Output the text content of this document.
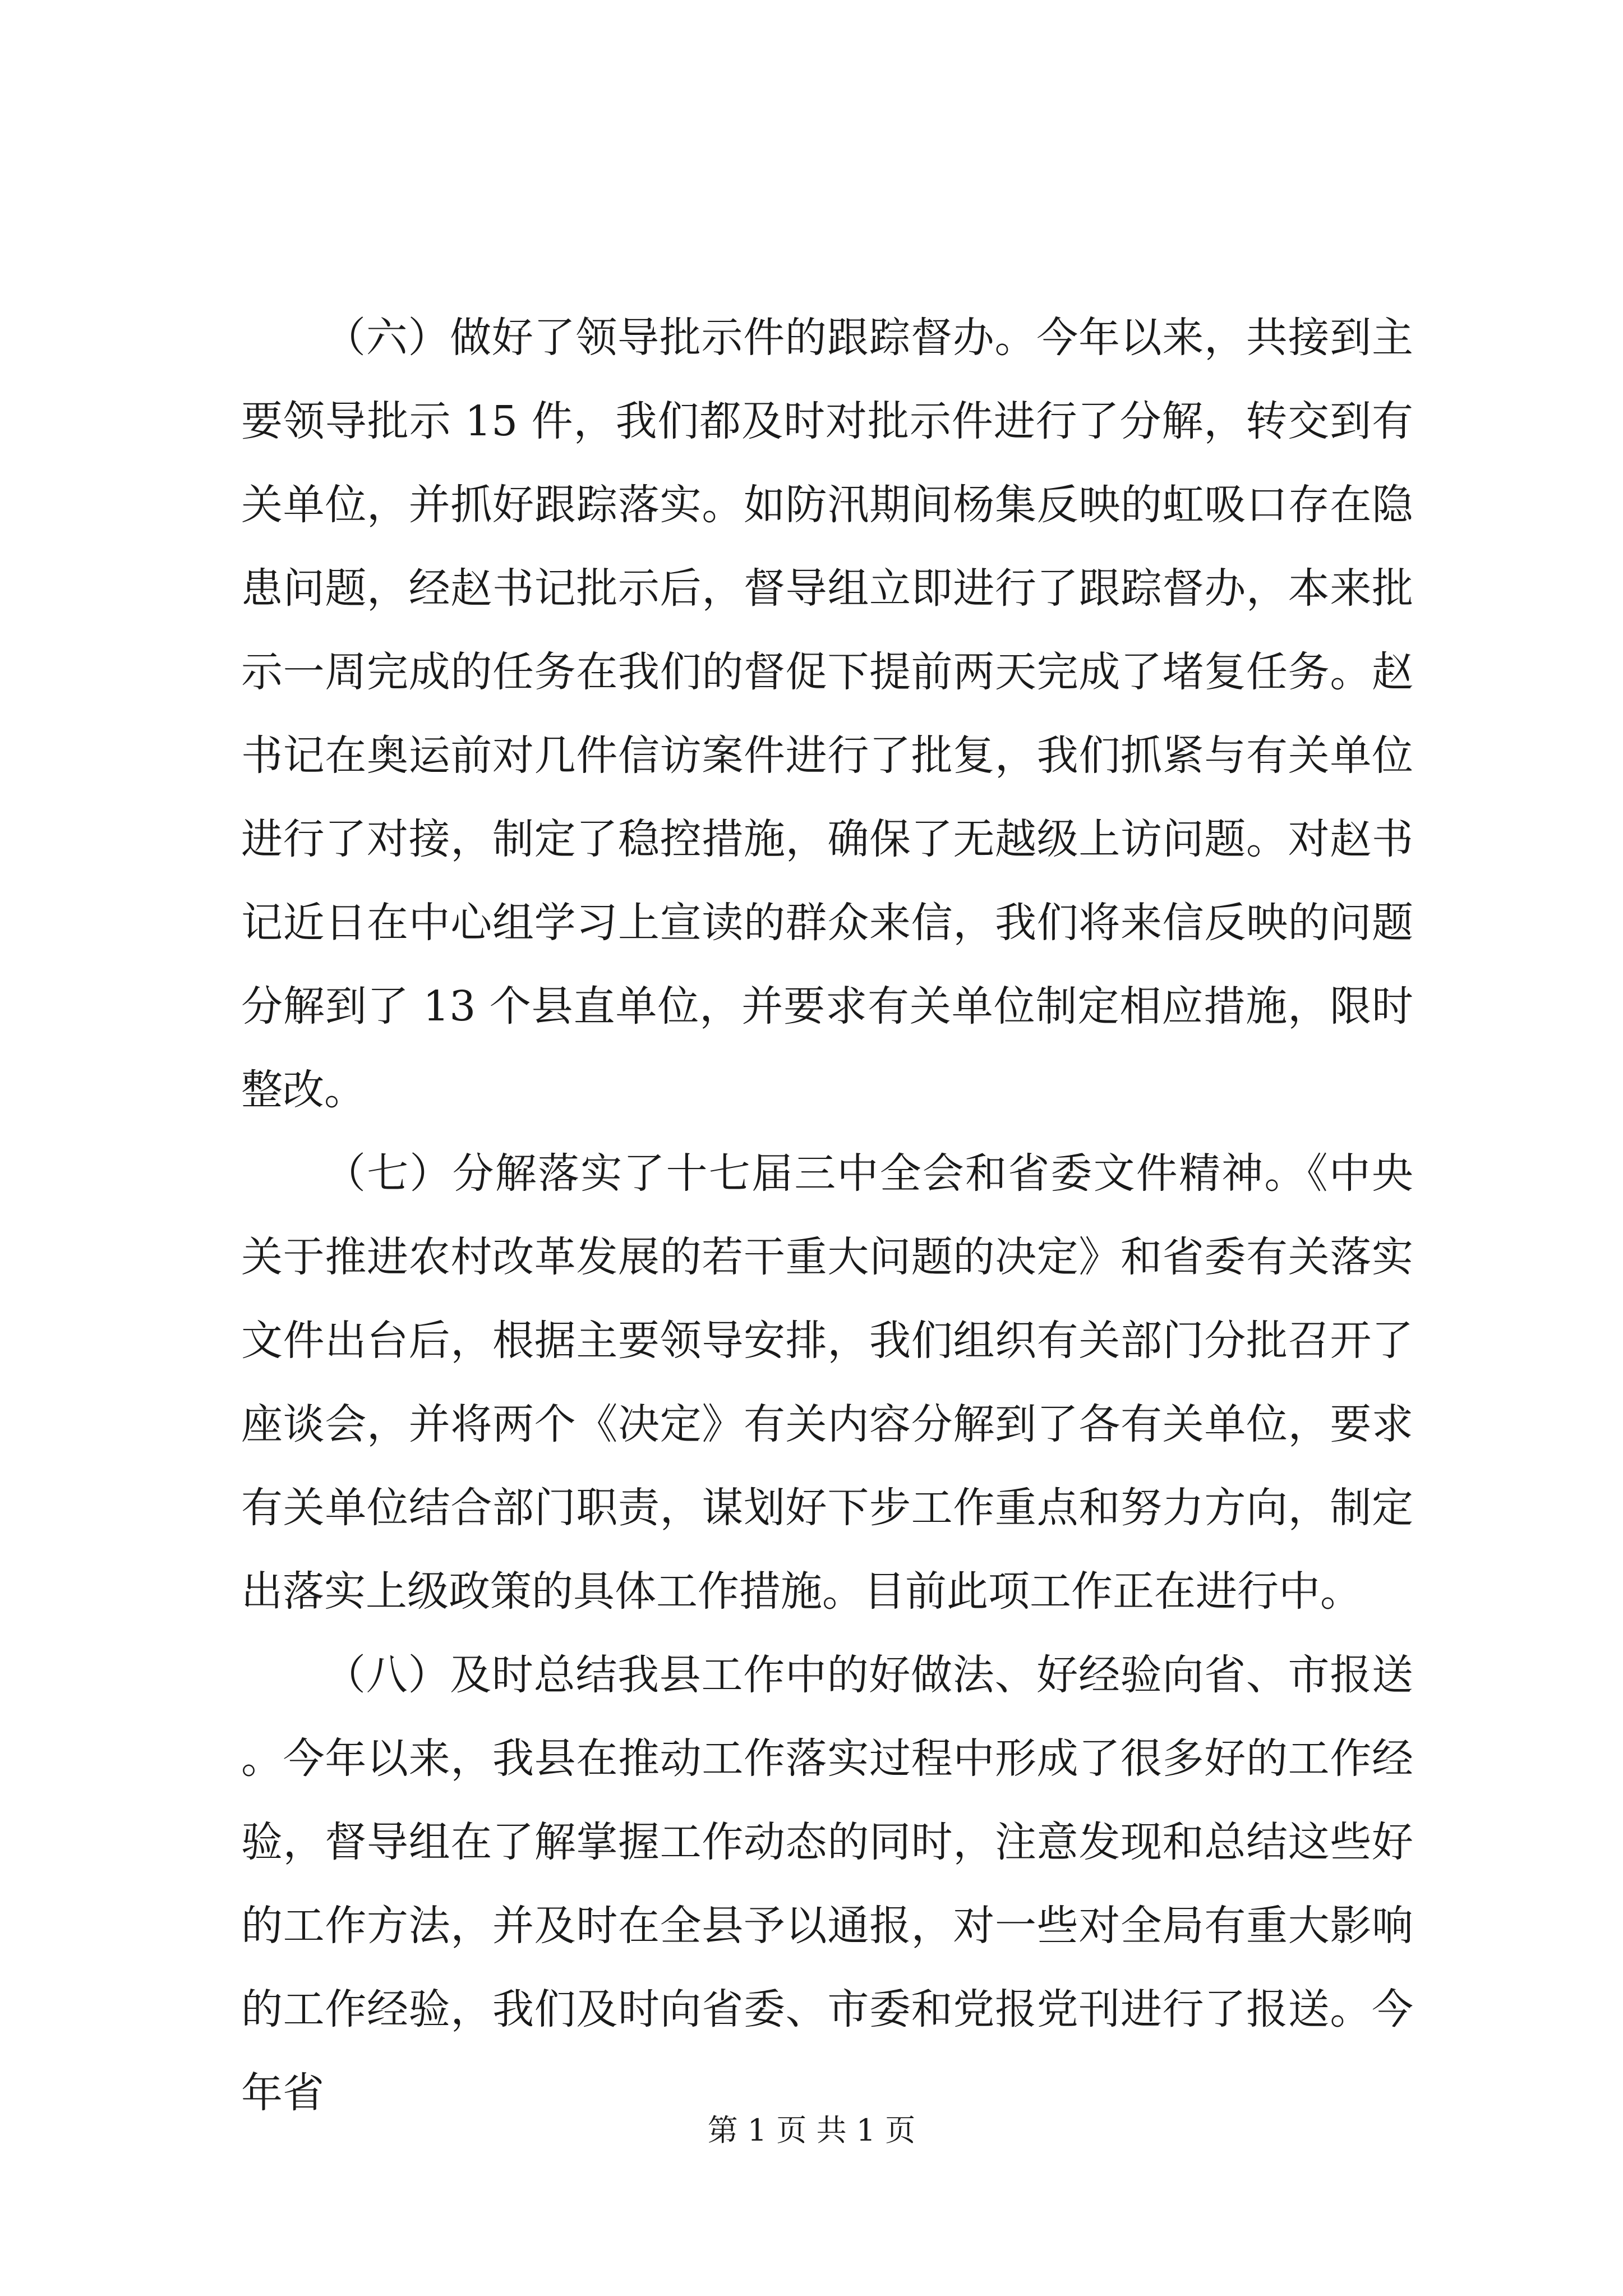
（六）做好了领导批示件的跟踪督办。今年以来，共接到主要领导批示 15 件，我们都及时对批示件进行了分解，转交到有关单位，并抓好跟踪落实。如防汛期间杨集反映的虹吸口存在隐患问题，经赵书记批示后，督导组立即进行了跟踪督办，本来批示一周完成的任务在我们的督促下提前两天完成了堵复任务。赵书记在奥运前对几件信访案件进行了批复，我们抓紧与有关单位进行了对接，制定了稳控措施，确保了无越级上访问题。对赵书记近日在中心组学习上宣读的群众来信，我们将来信反映的问题分解到了 13 个县直单位，并要求有关单位制定相应措施，限时整改。

（七）分解落实了十七届三中全会和省委文件精神。《中央关于推进农村改革发展的若干重大问题的决定》和省委有关落实文件出台后，根据主要领导安排，我们组织有关部门分批召开了座谈会，并将两个《决定》有关内容分解到了各有关单位，要求有关单位结合部门职责，谋划好下步工作重点和努力方向，制定出落实上级政策的具体工作措施。目前此项工作正在进行中。

（八）及时总结我县工作中的好做法、好经验向省、市报送。今年以来，我县在推动工作落实过程中形成了很多好的工作经验，督导组在了解掌握工作动态的同时，注意发现和总结这些好的工作方法，并及时在全县予以通报，对一些对全局有重大影响的工作经验，我们及时向省委、市委和党报党刊进行了报送。今年省

第 1 页 共 1 页
